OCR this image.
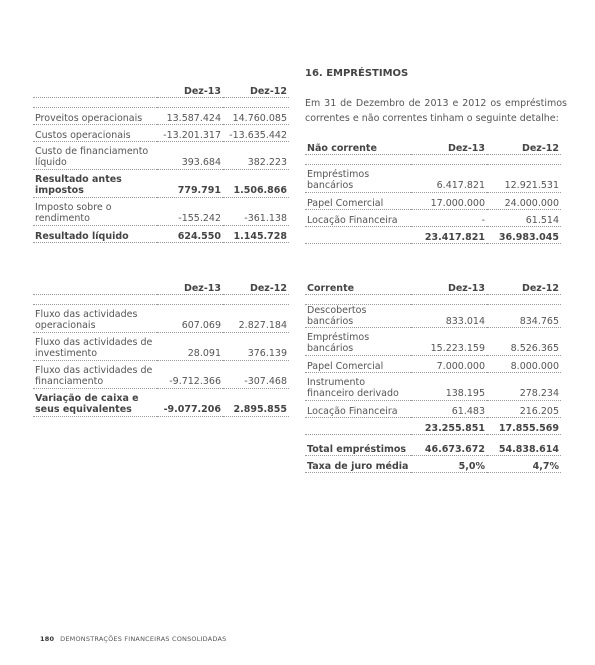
	Dez-13	Dez-12

Proveitos operacionais	13.587.424	14.760.085
Custos operacionais	-13.201.317	-13.635.442
Custo de financiamento líquido	393.684	382.223
Resultado antes impostos	779.791	1.506.866
Imposto sobre o rendimento	-155.242	-361.138
Resultado líquido	624.550	1.145.728
	Dez-13	Dez-12

Fluxo das actividades operacionais	607.069	2.827.184
Fluxo das actividades de investimento	28.091	376.139
Fluxo das actividades de financiamento	-9.712.366	-307.468
Variação de caixa e seus equivalentes	-9.077.206	2.895.855
16. EMPRÉSTIMOS
Em 31 de Dezembro de 2013 e 2012 os empréstimos correntes e não correntes tinham o seguinte detalhe:
Não corrente	Dez-13	Dez-12

Empréstimos bancários	6.417.821	12.921.531
Papel Comercial	17.000.000	24.000.000
Locação Financeira	-	61.514
	23.417.821	36.983.045
Corrente	Dez-13	Dez-12

Descobertos bancários	833.014	834.765
Empréstimos bancários	15.223.159	8.526.365
Papel Comercial	7.000.000	8.000.000
Instrumento financeiro derivado	138.195	278.234
Locação Financeira	61.483	216.205
	23.255.851	17.855.569
Total empréstimos	46.673.672	54.838.614
Taxa de juro média	5,0%	4,7%
180 DEMONSTRAÇÕES FINANCEIRAS CONSOLIDADAS
